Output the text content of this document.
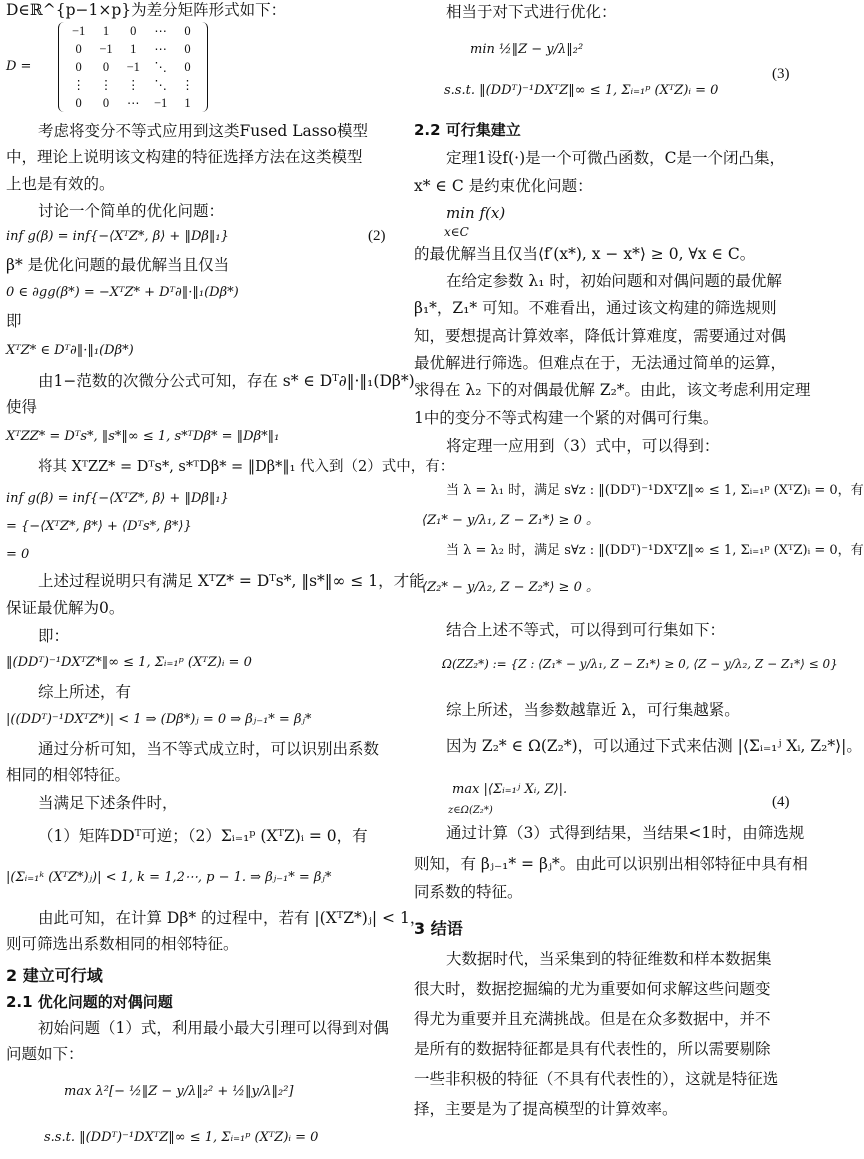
D∈ℝ^{p−1×p}为差分矩阵形式如下：
D =
−1	1	0	⋯	0
0	−1	1	⋯	0
0	0	−1	⋱	0
⋮	⋮	⋮	⋱	⋮
0	0	⋯	−1	1
考虑将变分不等式应用到这类Fused Lasso模型
中，理论上说明该文构建的特征选择方法在这类模型
上也是有效的。
讨论一个简单的优化问题：
inf g(β) = inf{−⟨XᵀZ*, β⟩ + ‖Dβ‖₁}	(2)
β* 是优化问题的最优解当且仅当
0 ∈ ∂gg(β*) = −XᵀZ* + Dᵀ∂‖·‖₁(Dβ*)
即
XᵀZ* ∈ Dᵀ∂‖·‖₁(Dβ*)
由1−范数的次微分公式可知，存在 s* ∈ Dᵀ∂‖·‖₁(Dβ*)。
使得
XᵀZZ* = Dᵀs*, ‖s*‖∞ ≤ 1, s*ᵀDβ* = ‖Dβ*‖₁
将其 XᵀZZ* = Dᵀs*, s*ᵀDβ* = ‖Dβ*‖₁ 代入到（2）式中，有：
inf g(β) = inf{−⟨XᵀZ*, β⟩ + ‖Dβ‖₁}
= {−⟨XᵀZ*, β*⟩ + ⟨Dᵀs*, β*⟩}
= 0
上述过程说明只有满足 XᵀZ* = Dᵀs*, ‖s*‖∞ ≤ 1，才能
保证最优解为0。
即：
‖(DDᵀ)⁻¹DXᵀZ*‖∞ ≤ 1, Σᵢ₌₁ᵖ (XᵀZ)ᵢ = 0
综上所述，有
|((DDᵀ)⁻¹DXᵀZ*)| < 1 ⇒ (Dβ*)ⱼ = 0 ⇒ βⱼ₋₁* = βⱼ*
通过分析可知，当不等式成立时，可以识别出系数
相同的相邻特征。
当满足下述条件时，
（1）矩阵DDᵀ可逆；（2）Σᵢ₌₁ᵖ (XᵀZ)ᵢ = 0，有
|(Σᵢ₌₁ᵏ (XᵀZ*)ⱼ)| < 1, k = 1,2⋯, p − 1. ⇒ βⱼ₋₁* = βⱼ*
由此可知，在计算 Dβ* 的过程中，若有 |(XᵀZ*)ⱼ| < 1，
则可筛选出系数相同的相邻特征。
2 建立可行域
2.1 优化问题的对偶问题
初始问题（1）式，利用最小最大引理可以得到对偶
问题如下：
max λ²[− ½‖Z − y/λ‖₂² + ½‖y/λ‖₂²]
s.s.t. ‖(DDᵀ)⁻¹DXᵀZ‖∞ ≤ 1, Σᵢ₌₁ᵖ (XᵀZ)ᵢ = 0
相当于对下式进行优化：
min ½‖Z − y/λ‖₂²
s.s.t. ‖(DDᵀ)⁻¹DXᵀZ‖∞ ≤ 1, Σᵢ₌₁ᵖ (XᵀZ)ᵢ = 0
(3)
2.2 可行集建立
定理1设f(·)是一个可微凸函数，C是一个闭凸集，
x* ∈ C 是约束优化问题：
min f(x)
x∈C
的最优解当且仅当⟨f′(x*), x − x*⟩ ≥ 0, ∀x ∈ C。
在给定参数 λ₁ 时，初始问题和对偶问题的最优解
β₁*，Z₁* 可知。不难看出，通过该文构建的筛选规则
知，要想提高计算效率，降低计算难度，需要通过对偶
最优解进行筛选。但难点在于，无法通过简单的运算，
求得在 λ₂ 下的对偶最优解 Z₂*。由此，该文考虑利用定理
1中的变分不等式构建一个紧的对偶可行集。
将定理一应用到（3）式中，可以得到：
当 λ = λ₁ 时，满足 s∀z : ‖(DDᵀ)⁻¹DXᵀZ‖∞ ≤ 1, Σᵢ₌₁ᵖ (XᵀZ)ᵢ = 0，有
⟨Z₁* − y/λ₁, Z − Z₁*⟩ ≥ 0 。
当 λ = λ₂ 时，满足 s∀z : ‖(DDᵀ)⁻¹DXᵀZ‖∞ ≤ 1, Σᵢ₌₁ᵖ (XᵀZ)ᵢ = 0，有
⟨Z₂* − y/λ₂, Z − Z₂*⟩ ≥ 0 。
结合上述不等式，可以得到可行集如下：
Ω(ZZ₂*) := {Z : ⟨Z₁* − y/λ₁, Z − Z₁*⟩ ≥ 0, ⟨Z − y/λ₂, Z − Z₁*⟩ ≤ 0}
综上所述，当参数越靠近 λ，可行集越紧。
因为 Z₂* ∈ Ω(Z₂*)，可以通过下式来估测 |⟨Σᵢ₌₁ʲ Xᵢ, Z₂*⟩|。
max |⟨Σᵢ₌₁ʲ Xᵢ, Z⟩|.
z∈Ω(Z₂*)
(4)
通过计算（3）式得到结果，当结果<1时，由筛选规
则知，有 βⱼ₋₁* = βⱼ*。由此可以识别出相邻特征中具有相
同系数的特征。
3 结语
大数据时代，当采集到的特征维数和样本数据集
很大时，数据挖掘编的尤为重要如何求解这些问题变
得尤为重要并且充满挑战。但是在众多数据中，并不
是所有的数据特征都是具有代表性的，所以需要剔除
一些非积极的特征（不具有代表性的），这就是特征选
择，主要是为了提高模型的计算效率。
